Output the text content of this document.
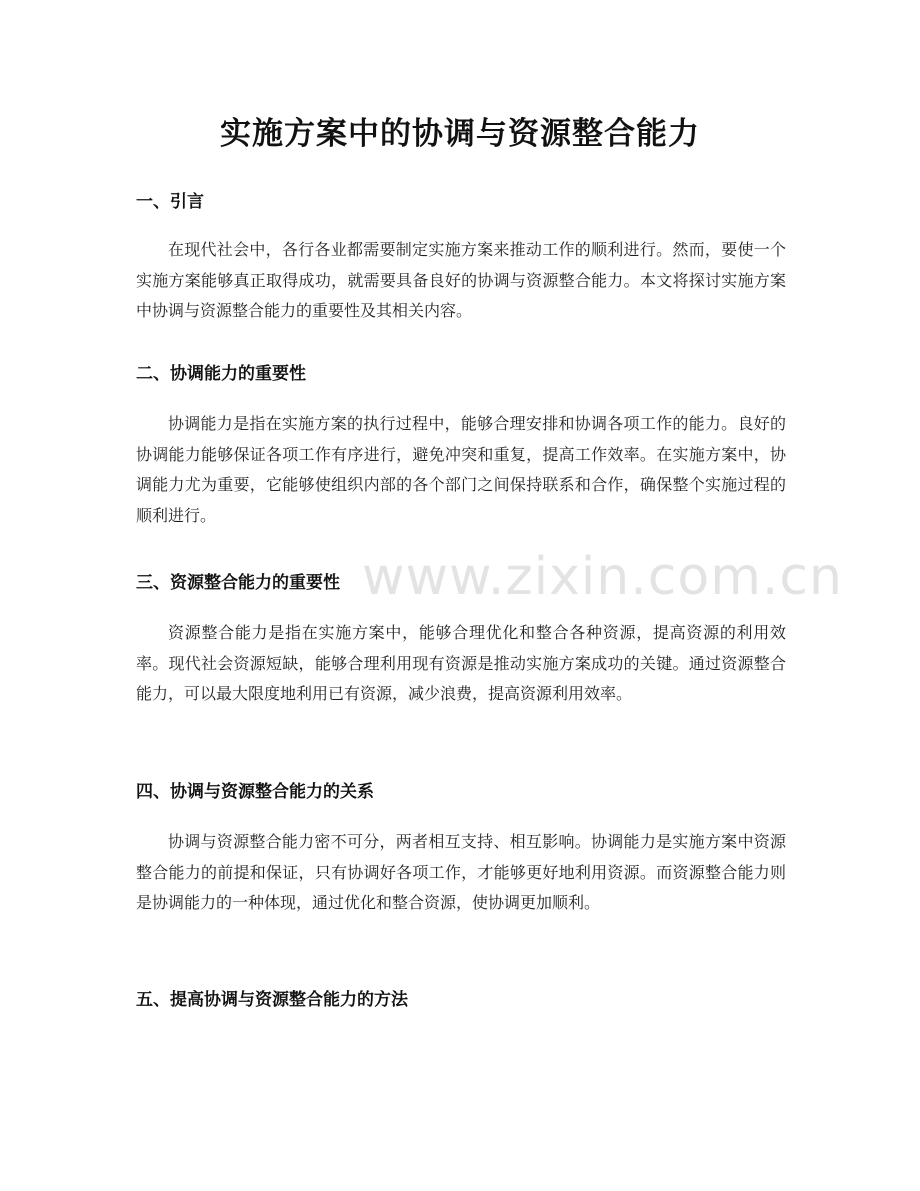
实施方案中的协调与资源整合能力
一、引言

在现代社会中，各行各业都需要制定实施方案来推动工作的顺利进行。然而，要使一个实施方案能够真正取得成功，就需要具备良好的协调与资源整合能力。本文将探讨实施方案中协调与资源整合能力的重要性及其相关内容。

二、协调能力的重要性

协调能力是指在实施方案的执行过程中，能够合理安排和协调各项工作的能力。良好的协调能力能够保证各项工作有序进行，避免冲突和重复，提高工作效率。在实施方案中，协调能力尤为重要，它能够使组织内部的各个部门之间保持联系和合作，确保整个实施过程的顺利进行。

三、资源整合能力的重要性

资源整合能力是指在实施方案中，能够合理优化和整合各种资源，提高资源的利用效率。现代社会资源短缺，能够合理利用现有资源是推动实施方案成功的关键。通过资源整合能力，可以最大限度地利用已有资源，减少浪费，提高资源利用效率。

四、协调与资源整合能力的关系

协调与资源整合能力密不可分，两者相互支持、相互影响。协调能力是实施方案中资源整合能力的前提和保证，只有协调好各项工作，才能够更好地利用资源。而资源整合能力则是协调能力的一种体现，通过优化和整合资源，使协调更加顺利。

五、提高协调与资源整合能力的方法
www.zixin.com.cn
